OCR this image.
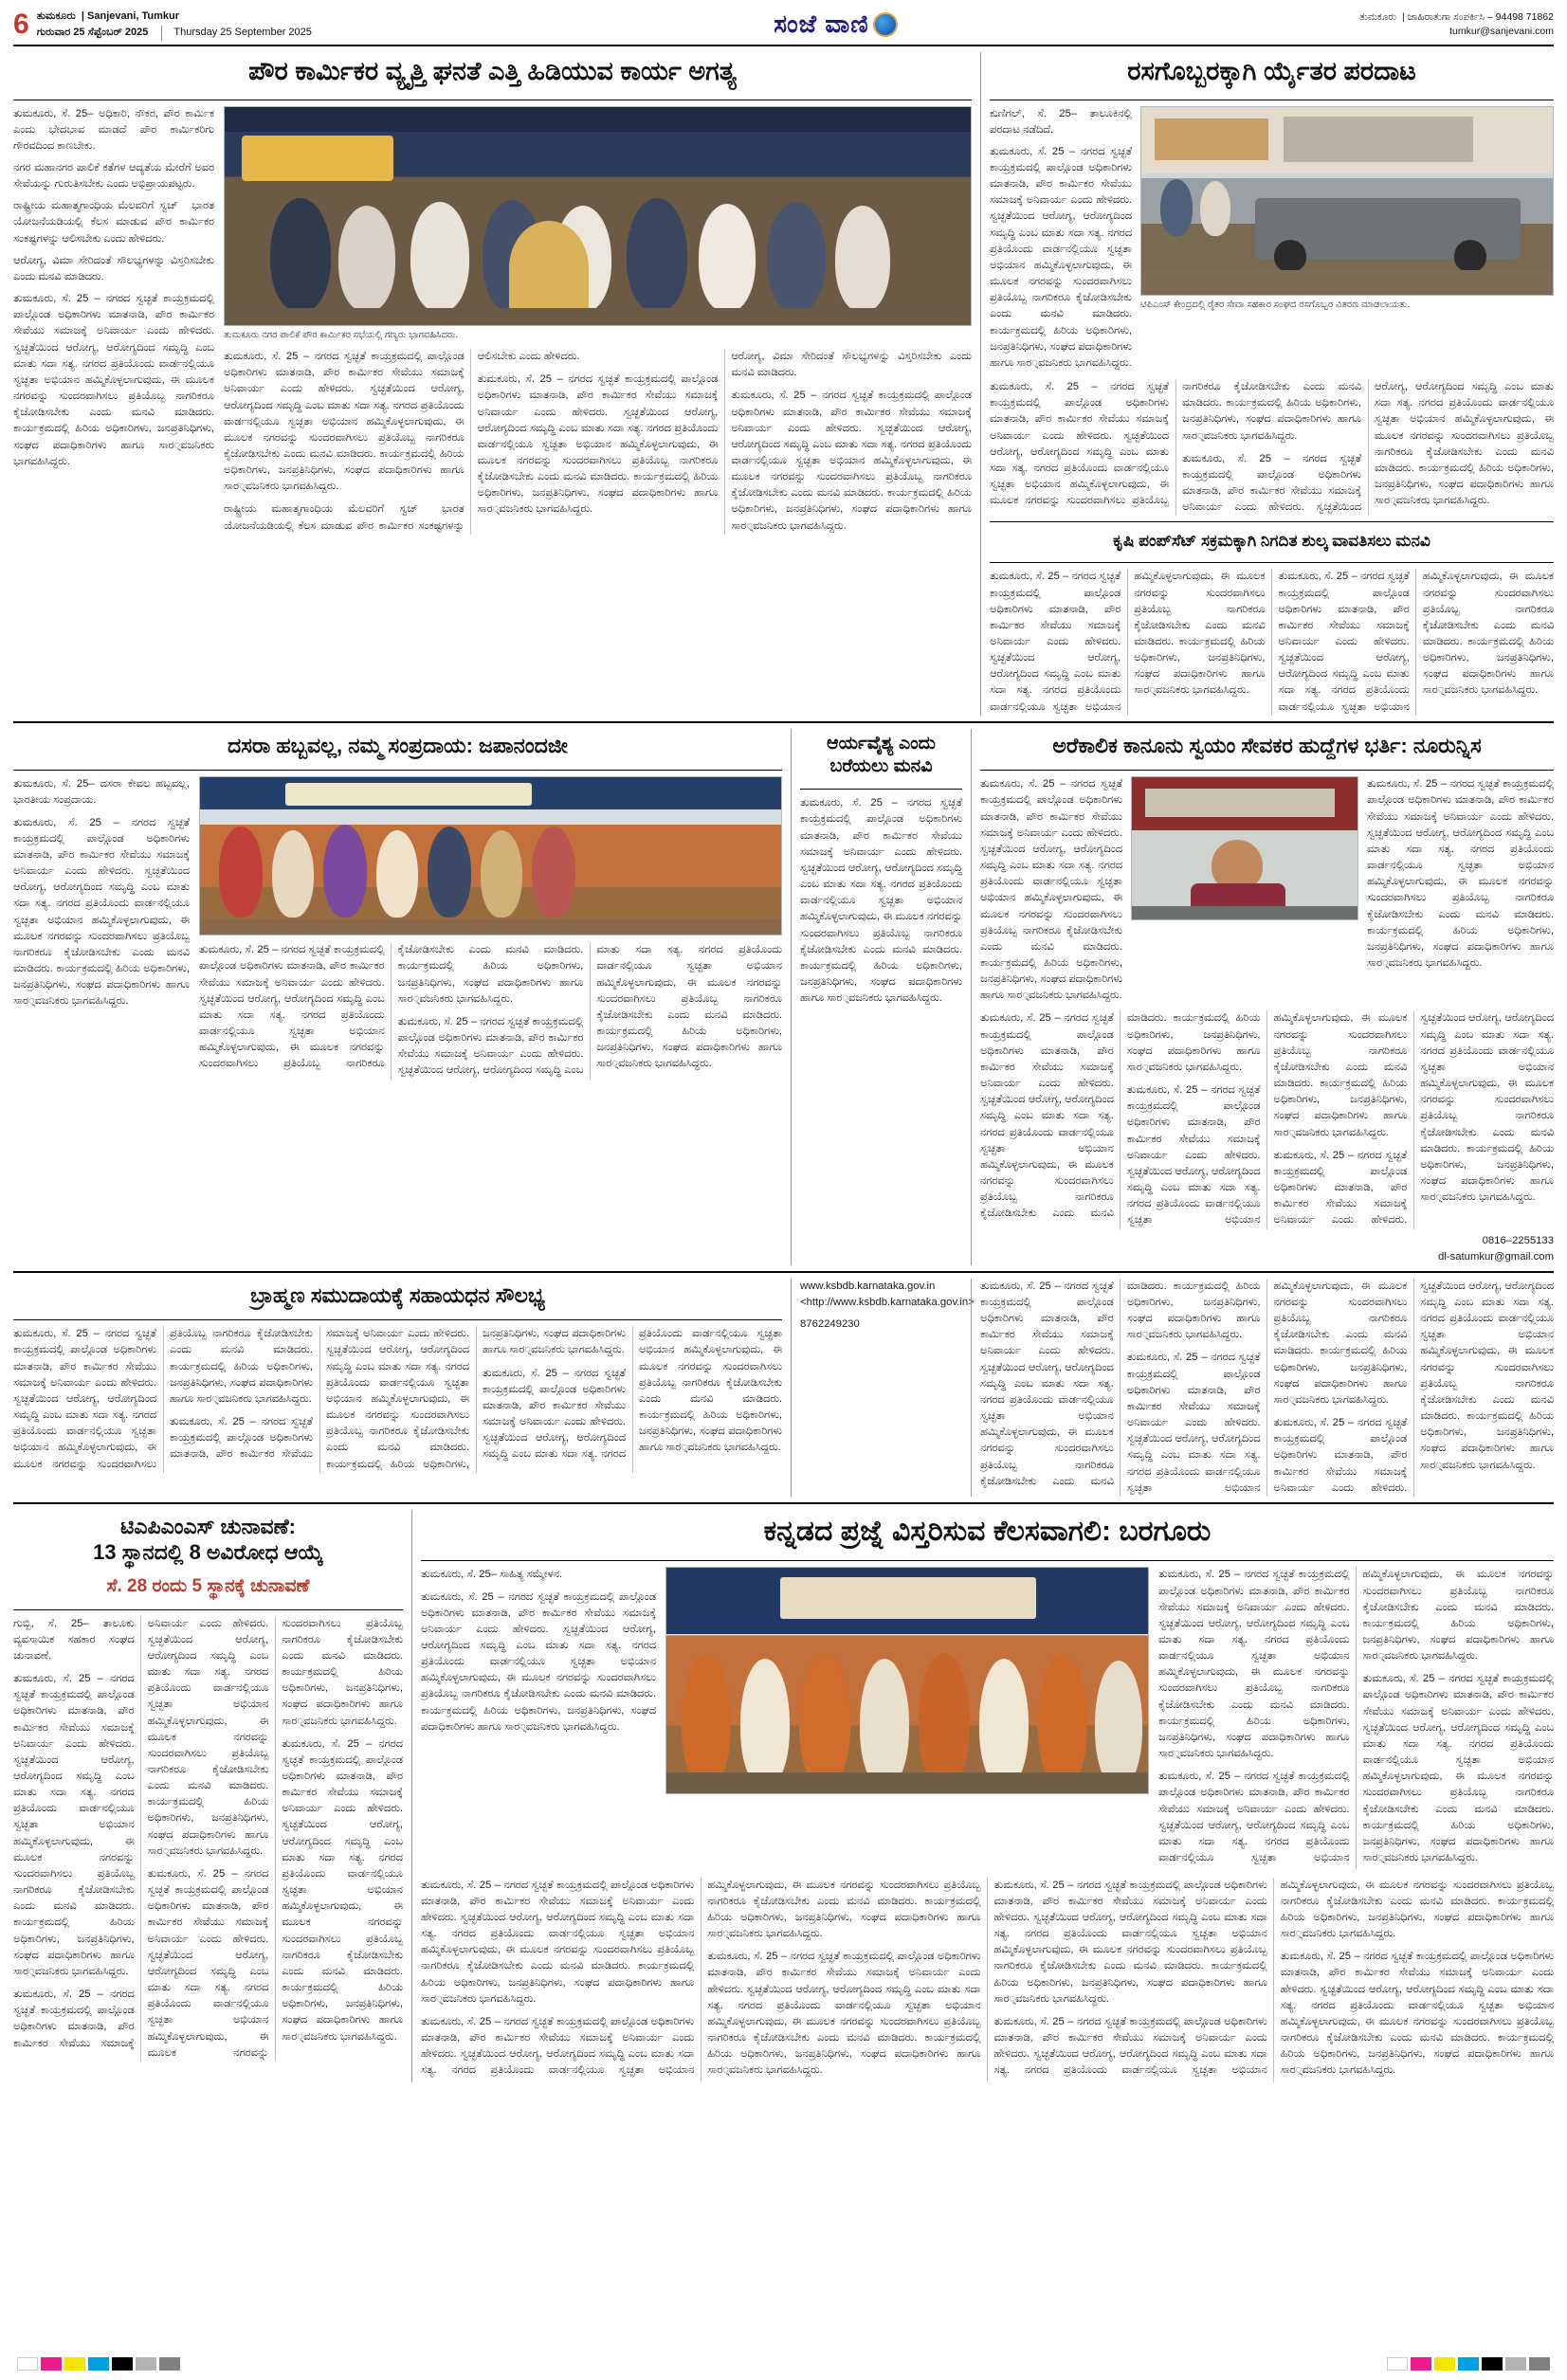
6 ತುಮಕೂರು  | Sanjevani, Tumkur
ಗುರುವಾರ 25 ಸೆಪ್ಟೆಂಬರ್ 2025	Thursday 25 September 2025	ಸಂಜೆ ವಾಣಿ	ತುಮಕೂರು  | ಜಾಹಿರಾತುಗಾ ಸಂಪರ್ಕಿಸಿ – 94498 71862
tumkur@sanjevani.com
ಪೌರ ಕಾರ್ಮಿಕರ ವ್ಯೃತ್ತಿ ಘನತೆ ಎತ್ತಿ ಹಿಡಿಯುವ ಕಾರ್ಯ ಅಗತ್ಯ
ತುಮಕೂರು, ಸೆ. 25– ಅಧಿಕಾರಿ, ನೌಕರ, ಪೌರ ಕಾರ್ಮಿಕ ಎಂದು ಭೇದಭಾವ ಮಾಡದೆ ಪೌರ ಕಾರ್ಮಿಕರಿಗು ಗೌರವದಿಂದ ಕಾಣಬೇಕು.
ನಗರ ಮಹಾನಗರ ಪಾಲಿಕೆ ಕತೆಗಳ ಆದ್ಯತೆಯ ಮೇರೆಗೆ ಅವರ ಸೇವೆಯನ್ನು ಗುರುತಿಸಬೇಕು ಎಂದು ಅಭಿಪ್ರಾಯಪಟ್ಟರು.
ರಾಷ್ಟ್ರೀಯ ಮಹಾತ್ಮಗಾಂಧಿಯ ಮೆಲವರಿಗೆ ಸ್ವಚ್ ಭಾರತ ಯೋಜನೆಯಡಿಯಲ್ಲಿ ಕೆಲಸ ಮಾಡುವ ಪೌರ ಕಾರ್ಮಿಕರ ಸಂಕಷ್ಟಗಳನ್ನು ಆಲಿಸಬೇಕು ಎಂದು ಹೇಳಿದರು.
ಆರೋಗ್ಯ, ವಿಮಾ ಸೇರಿದಂತೆ ಸೌಲಭ್ಯಗಳನ್ನು ವಿಸ್ತರಿಸಬೇಕು ಎಂದು ಮನವಿ ಮಾಡಿದರು.
ತುಮಕೂರು, ಸೆ. 25 – ನಗರದ ಸ್ವಚ್ಛತೆ ಕಾಯ್ರಕ್ರಮದಲ್ಲಿ ಪಾಲ್ಗೊಂಡ ಅಧಿಕಾರಿಗಳು ಮಾತನಾಡಿ, ಪೌರ ಕಾರ್ಮಿಕರ ಸೇವೆಯು ಸಮಾಜಕ್ಕೆ ಅನಿವಾರ್ಯ ಎಂದು ಹೇಳಿದರು. ಸ್ವಚ್ಛತೆಯಿಂದ ಆರೋಗ್ಯ, ಆರೋಗ್ಯದಿಂದ ಸಮೃದ್ಧಿ ಎಂಬ ಮಾತು ಸದಾ ಸತ್ಯ. ನಗರದ ಪ್ರತಿಯೊಂದು ವಾರ್ಡನಲ್ಲಿಯೂ ಸ್ವಚ್ಛತಾ ಅಭಿಯಾನ ಹಮ್ಮಿಕೊಳ್ಳಲಾಗುವುದು, ಈ ಮೂಲಕ ನಗರವನ್ನು ಸುಂದರವಾಗಿಸಲು ಪ್ರತಿಯೊಬ್ಬ ನಾಗರಿಕರೂ ಕೈಜೋಡಿಸಬೇಕು ಎಂದು ಮನವಿ ಮಾಡಿದರು. ಕಾರ್ಯಕ್ರಮದಲ್ಲಿ ಹಿರಿಯ ಅಧಿಕಾರಿಗಳು, ಜನಪ್ರತಿನಿಧಿಗಳು, ಸಂಘದ ಪದಾಧಿಕಾರಿಗಳು ಹಾಗೂ ಸಾರ्ವಜನಿಕರು ಭಾಗವಹಿಸಿದ್ದರು.
ತುಮಕೂರು ನಗರ ಪಾಲಿಕೆ ಪೌರ ಕಾರ್ಮಿಕರ ಸಭೆಯಲ್ಲಿ ಗಣ್ಯರು ಭಾಗವಹಿಸಿದರು.

ತುಮಕೂರು, ಸೆ. 25 – ನಗರದ ಸ್ವಚ್ಛತೆ ಕಾಯ್ರಕ್ರಮದಲ್ಲಿ ಪಾಲ್ಗೊಂಡ ಅಧಿಕಾರಿಗಳು ಮಾತನಾಡಿ, ಪೌರ ಕಾರ್ಮಿಕರ ಸೇವೆಯು ಸಮಾಜಕ್ಕೆ ಅನಿವಾರ್ಯ ಎಂದು ಹೇಳಿದರು. ಸ್ವಚ್ಛತೆಯಿಂದ ಆರೋಗ್ಯ, ಆರೋಗ್ಯದಿಂದ ಸಮೃದ್ಧಿ ಎಂಬ ಮಾತು ಸದಾ ಸತ್ಯ. ನಗರದ ಪ್ರತಿಯೊಂದು ವಾರ್ಡನಲ್ಲಿಯೂ ಸ್ವಚ್ಛತಾ ಅಭಿಯಾನ ಹಮ್ಮಿಕೊಳ್ಳಲಾಗುವುದು, ಈ ಮೂಲಕ ನಗರವನ್ನು ಸುಂದರವಾಗಿಸಲು ಪ್ರತಿಯೊಬ್ಬ ನಾಗರಿಕರೂ ಕೈಜೋಡಿಸಬೇಕು ಎಂದು ಮನವಿ ಮಾಡಿದರು. ಕಾರ್ಯಕ್ರಮದಲ್ಲಿ ಹಿರಿಯ ಅಧಿಕಾರಿಗಳು, ಜನಪ್ರತಿನಿಧಿಗಳು, ಸಂಘದ ಪದಾಧಿಕಾರಿಗಳು ಹಾಗೂ ಸಾರ्ವಜನಿಕರು ಭಾಗವಹಿಸಿದ್ದರು.

ರಾಷ್ಟ್ರೀಯ ಮಹಾತ್ಮಗಾಂಧಿಯ ಮೆಲವರಿಗೆ ಸ್ವಚ್ ಭಾರತ ಯೋಜನೆಯಡಿಯಲ್ಲಿ ಕೆಲಸ ಮಾಡುವ ಪೌರ ಕಾರ್ಮಿಕರ ಸಂಕಷ್ಟಗಳನ್ನು ಆಲಿಸಬೇಕು ಎಂದು ಹೇಳಿದರು.

ತುಮಕೂರು, ಸೆ. 25 – ನಗರದ ಸ್ವಚ್ಛತೆ ಕಾಯ್ರಕ್ರಮದಲ್ಲಿ ಪಾಲ್ಗೊಂಡ ಅಧಿಕಾರಿಗಳು ಮಾತನಾಡಿ, ಪೌರ ಕಾರ್ಮಿಕರ ಸೇವೆಯು ಸಮಾಜಕ್ಕೆ ಅನಿವಾರ್ಯ ಎಂದು ಹೇಳಿದರು. ಸ್ವಚ್ಛತೆಯಿಂದ ಆರೋಗ್ಯ, ಆರೋಗ್ಯದಿಂದ ಸಮೃದ್ಧಿ ಎಂಬ ಮಾತು ಸದಾ ಸತ್ಯ. ನಗರದ ಪ್ರತಿಯೊಂದು ವಾರ್ಡನಲ್ಲಿಯೂ ಸ್ವಚ್ಛತಾ ಅಭಿಯಾನ ಹಮ್ಮಿಕೊಳ್ಳಲಾಗುವುದು, ಈ ಮೂಲಕ ನಗರವನ್ನು ಸುಂದರವಾಗಿಸಲು ಪ್ರತಿಯೊಬ್ಬ ನಾಗರಿಕರೂ ಕೈಜೋಡಿಸಬೇಕು ಎಂದು ಮನವಿ ಮಾಡಿದರು. ಕಾರ್ಯಕ್ರಮದಲ್ಲಿ ಹಿರಿಯ ಅಧಿಕಾರಿಗಳು, ಜನಪ್ರತಿನಿಧಿಗಳು, ಸಂಘದ ಪದಾಧಿಕಾರಿಗಳು ಹಾಗೂ ಸಾರ्ವಜನಿಕರು ಭಾಗವಹಿಸಿದ್ದರು.

ಆರೋಗ್ಯ, ವಿಮಾ ಸೇರಿದಂತೆ ಸೌಲಭ್ಯಗಳನ್ನು ವಿಸ್ತರಿಸಬೇಕು ಎಂದು ಮನವಿ ಮಾಡಿದರು.

ತುಮಕೂರು, ಸೆ. 25 – ನಗರದ ಸ್ವಚ್ಛತೆ ಕಾಯ್ರಕ್ರಮದಲ್ಲಿ ಪಾಲ್ಗೊಂಡ ಅಧಿಕಾರಿಗಳು ಮಾತನಾಡಿ, ಪೌರ ಕಾರ್ಮಿಕರ ಸೇವೆಯು ಸಮಾಜಕ್ಕೆ ಅನಿವಾರ್ಯ ಎಂದು ಹೇಳಿದರು. ಸ್ವಚ್ಛತೆಯಿಂದ ಆರೋಗ್ಯ, ಆರೋಗ್ಯದಿಂದ ಸಮೃದ್ಧಿ ಎಂಬ ಮಾತು ಸದಾ ಸತ್ಯ. ನಗರದ ಪ್ರತಿಯೊಂದು ವಾರ್ಡನಲ್ಲಿಯೂ ಸ್ವಚ್ಛತಾ ಅಭಿಯಾನ ಹಮ್ಮಿಕೊಳ್ಳಲಾಗುವುದು, ಈ ಮೂಲಕ ನಗರವನ್ನು ಸುಂದರವಾಗಿಸಲು ಪ್ರತಿಯೊಬ್ಬ ನಾಗರಿಕರೂ ಕೈಜೋಡಿಸಬೇಕು ಎಂದು ಮನವಿ ಮಾಡಿದರು. ಕಾರ್ಯಕ್ರಮದಲ್ಲಿ ಹಿರಿಯ ಅಧಿಕಾರಿಗಳು, ಜನಪ್ರತಿನಿಧಿಗಳು, ಸಂಘದ ಪದಾಧಿಕಾರಿಗಳು ಹಾಗೂ ಸಾರ्ವಜನಿಕರು ಭಾಗವಹಿಸಿದ್ದರು.

ರಸಗೊಬ್ಬರಕ್ಕಾಗಿ ರ್ಯೈತರ ಪರದಾಟ
ಕುಣಿಗಲ್, ಸೆ. 25– ತಾಲೂಕಿನಲ್ಲಿ ಪರದಾಟ ನಡೆದಿದೆ.
ತುಮಕೂರು, ಸೆ. 25 – ನಗರದ ಸ್ವಚ್ಛತೆ ಕಾಯ್ರಕ್ರಮದಲ್ಲಿ ಪಾಲ್ಗೊಂಡ ಅಧಿಕಾರಿಗಳು ಮಾತನಾಡಿ, ಪೌರ ಕಾರ್ಮಿಕರ ಸೇವೆಯು ಸಮಾಜಕ್ಕೆ ಅನಿವಾರ್ಯ ಎಂದು ಹೇಳಿದರು. ಸ್ವಚ್ಛತೆಯಿಂದ ಆರೋಗ್ಯ, ಆರೋಗ್ಯದಿಂದ ಸಮೃದ್ಧಿ ಎಂಬ ಮಾತು ಸದಾ ಸತ್ಯ. ನಗರದ ಪ್ರತಿಯೊಂದು ವಾರ್ಡನಲ್ಲಿಯೂ ಸ್ವಚ್ಛತಾ ಅಭಿಯಾನ ಹಮ್ಮಿಕೊಳ್ಳಲಾಗುವುದು, ಈ ಮೂಲಕ ನಗರವನ್ನು ಸುಂದರವಾಗಿಸಲು ಪ್ರತಿಯೊಬ್ಬ ನಾಗರಿಕರೂ ಕೈಜೋಡಿಸಬೇಕು ಎಂದು ಮನವಿ ಮಾಡಿದರು. ಕಾರ್ಯಕ್ರಮದಲ್ಲಿ ಹಿರಿಯ ಅಧಿಕಾರಿಗಳು, ಜನಪ್ರತಿನಿಧಿಗಳು, ಸಂಘದ ಪದಾಧಿಕಾರಿಗಳು ಹಾಗೂ ಸಾರ्ವಜನಿಕರು ಭಾಗವಹಿಸಿದ್ದರು.
ಟಿಪಿಎಂಸ್ ಕೇಂದ್ರದಲ್ಲಿ ರೈತರ ಸೇವಾ ಸಹಕಾರ ಸಂಘದ ರಸಗೊಬ್ಬರ ವಿತರಣ ಮಾಡಲಾಯತು.

ತುಮಕೂರು, ಸೆ. 25 – ನಗರದ ಸ್ವಚ್ಛತೆ ಕಾಯ್ರಕ್ರಮದಲ್ಲಿ ಪಾಲ್ಗೊಂಡ ಅಧಿಕಾರಿಗಳು ಮಾತನಾಡಿ, ಪೌರ ಕಾರ್ಮಿಕರ ಸೇವೆಯು ಸಮಾಜಕ್ಕೆ ಅನಿವಾರ್ಯ ಎಂದು ಹೇಳಿದರು. ಸ್ವಚ್ಛತೆಯಿಂದ ಆರೋಗ್ಯ, ಆರೋಗ್ಯದಿಂದ ಸಮೃದ್ಧಿ ಎಂಬ ಮಾತು ಸದಾ ಸತ್ಯ. ನಗರದ ಪ್ರತಿಯೊಂದು ವಾರ್ಡನಲ್ಲಿಯೂ ಸ್ವಚ್ಛತಾ ಅಭಿಯಾನ ಹಮ್ಮಿಕೊಳ್ಳಲಾಗುವುದು, ಈ ಮೂಲಕ ನಗರವನ್ನು ಸುಂದರವಾಗಿಸಲು ಪ್ರತಿಯೊಬ್ಬ ನಾಗರಿಕರೂ ಕೈಜೋಡಿಸಬೇಕು ಎಂದು ಮನವಿ ಮಾಡಿದರು. ಕಾರ್ಯಕ್ರಮದಲ್ಲಿ ಹಿರಿಯ ಅಧಿಕಾರಿಗಳು, ಜನಪ್ರತಿನಿಧಿಗಳು, ಸಂಘದ ಪದಾಧಿಕಾರಿಗಳು ಹಾಗೂ ಸಾರ्ವಜನಿಕರು ಭಾಗವಹಿಸಿದ್ದರು.

ತುಮಕೂರು, ಸೆ. 25 – ನಗರದ ಸ್ವಚ್ಛತೆ ಕಾಯ್ರಕ್ರಮದಲ್ಲಿ ಪಾಲ್ಗೊಂಡ ಅಧಿಕಾರಿಗಳು ಮಾತನಾಡಿ, ಪೌರ ಕಾರ್ಮಿಕರ ಸೇವೆಯು ಸಮಾಜಕ್ಕೆ ಅನಿವಾರ್ಯ ಎಂದು ಹೇಳಿದರು. ಸ್ವಚ್ಛತೆಯಿಂದ ಆರೋಗ್ಯ, ಆರೋಗ್ಯದಿಂದ ಸಮೃದ್ಧಿ ಎಂಬ ಮಾತು ಸದಾ ಸತ್ಯ. ನಗರದ ಪ್ರತಿಯೊಂದು ವಾರ್ಡನಲ್ಲಿಯೂ ಸ್ವಚ್ಛತಾ ಅಭಿಯಾನ ಹಮ್ಮಿಕೊಳ್ಳಲಾಗುವುದು, ಈ ಮೂಲಕ ನಗರವನ್ನು ಸುಂದರವಾಗಿಸಲು ಪ್ರತಿಯೊಬ್ಬ ನಾಗರಿಕರೂ ಕೈಜೋಡಿಸಬೇಕು ಎಂದು ಮನವಿ ಮಾಡಿದರು. ಕಾರ್ಯಕ್ರಮದಲ್ಲಿ ಹಿರಿಯ ಅಧಿಕಾರಿಗಳು, ಜನಪ್ರತಿನಿಧಿಗಳು, ಸಂಘದ ಪದಾಧಿಕಾರಿಗಳು ಹಾಗೂ ಸಾರ्ವಜನಿಕರು ಭಾಗವಹಿಸಿದ್ದರು.

ಕೃಷಿ ಪಂಪ್‌ಸೆಟ್ ಸಕ್ರಮಕ್ಕಾಗಿ ನಿಗದಿತ ಶುಲ್ಕ ವಾವತಿಸಲು ಮನವಿ

ತುಮಕೂರು, ಸೆ. 25 – ನಗರದ ಸ್ವಚ್ಛತೆ ಕಾಯ್ರಕ್ರಮದಲ್ಲಿ ಪಾಲ್ಗೊಂಡ ಅಧಿಕಾರಿಗಳು ಮಾತನಾಡಿ, ಪೌರ ಕಾರ್ಮಿಕರ ಸೇವೆಯು ಸಮಾಜಕ್ಕೆ ಅನಿವಾರ್ಯ ಎಂದು ಹೇಳಿದರು. ಸ್ವಚ್ಛತೆಯಿಂದ ಆರೋಗ್ಯ, ಆರೋಗ್ಯದಿಂದ ಸಮೃದ್ಧಿ ಎಂಬ ಮಾತು ಸದಾ ಸತ್ಯ. ನಗರದ ಪ್ರತಿಯೊಂದು ವಾರ್ಡನಲ್ಲಿಯೂ ಸ್ವಚ್ಛತಾ ಅಭಿಯಾನ ಹಮ್ಮಿಕೊಳ್ಳಲಾಗುವುದು, ಈ ಮೂಲಕ ನಗರವನ್ನು ಸುಂದರವಾಗಿಸಲು ಪ್ರತಿಯೊಬ್ಬ ನಾಗರಿಕರೂ ಕೈಜೋಡಿಸಬೇಕು ಎಂದು ಮನವಿ ಮಾಡಿದರು. ಕಾರ್ಯಕ್ರಮದಲ್ಲಿ ಹಿರಿಯ ಅಧಿಕಾರಿಗಳು, ಜನಪ್ರತಿನಿಧಿಗಳು, ಸಂಘದ ಪದಾಧಿಕಾರಿಗಳು ಹಾಗೂ ಸಾರ्ವಜನಿಕರು ಭಾಗವಹಿಸಿದ್ದರು.

ತುಮಕೂರು, ಸೆ. 25 – ನಗರದ ಸ್ವಚ್ಛತೆ ಕಾಯ್ರಕ್ರಮದಲ್ಲಿ ಪಾಲ್ಗೊಂಡ ಅಧಿಕಾರಿಗಳು ಮಾತನಾಡಿ, ಪೌರ ಕಾರ್ಮಿಕರ ಸೇವೆಯು ಸಮಾಜಕ್ಕೆ ಅನಿವಾರ್ಯ ಎಂದು ಹೇಳಿದರು. ಸ್ವಚ್ಛತೆಯಿಂದ ಆರೋಗ್ಯ, ಆರೋಗ್ಯದಿಂದ ಸಮೃದ್ಧಿ ಎಂಬ ಮಾತು ಸದಾ ಸತ್ಯ. ನಗರದ ಪ್ರತಿಯೊಂದು ವಾರ್ಡನಲ್ಲಿಯೂ ಸ್ವಚ್ಛತಾ ಅಭಿಯಾನ ಹಮ್ಮಿಕೊಳ್ಳಲಾಗುವುದು, ಈ ಮೂಲಕ ನಗರವನ್ನು ಸುಂದರವಾಗಿಸಲು ಪ್ರತಿಯೊಬ್ಬ ನಾಗರಿಕರೂ ಕೈಜೋಡಿಸಬೇಕು ಎಂದು ಮನವಿ ಮಾಡಿದರು. ಕಾರ್ಯಕ್ರಮದಲ್ಲಿ ಹಿರಿಯ ಅಧಿಕಾರಿಗಳು, ಜನಪ್ರತಿನಿಧಿಗಳು, ಸಂಘದ ಪದಾಧಿಕಾರಿಗಳು ಹಾಗೂ ಸಾರ्ವಜನಿಕರು ಭಾಗವಹಿಸಿದ್ದರು.

ದಸರಾ ಹಬ್ಬವಲ್ಲ, ನಮ್ಮ ಸಂಪ್ರದಾಯ: ಜಪಾನಂದಜೀ
ತುಮಕೂರು, ಸೆ. 25– ದಸರಾ ಕೇವಲ ಹಬ್ಬವಲ್ಲ, ಭಾರತೀಯ ಸಂಪ್ರದಾಯ.
ತುಮಕೂರು, ಸೆ. 25 – ನಗರದ ಸ್ವಚ್ಛತೆ ಕಾಯ್ರಕ್ರಮದಲ್ಲಿ ಪಾಲ್ಗೊಂಡ ಅಧಿಕಾರಿಗಳು ಮಾತನಾಡಿ, ಪೌರ ಕಾರ್ಮಿಕರ ಸೇವೆಯು ಸಮಾಜಕ್ಕೆ ಅನಿವಾರ್ಯ ಎಂದು ಹೇಳಿದರು. ಸ್ವಚ್ಛತೆಯಿಂದ ಆರೋಗ್ಯ, ಆರೋಗ್ಯದಿಂದ ಸಮೃದ್ಧಿ ಎಂಬ ಮಾತು ಸದಾ ಸತ್ಯ. ನಗರದ ಪ್ರತಿಯೊಂದು ವಾರ್ಡನಲ್ಲಿಯೂ ಸ್ವಚ್ಛತಾ ಅಭಿಯಾನ ಹಮ್ಮಿಕೊಳ್ಳಲಾಗುವುದು, ಈ ಮೂಲಕ ನಗರವನ್ನು ಸುಂದರವಾಗಿಸಲು ಪ್ರತಿಯೊಬ್ಬ ನಾಗರಿಕರೂ ಕೈಜೋಡಿಸಬೇಕು ಎಂದು ಮನವಿ ಮಾಡಿದರು. ಕಾರ್ಯಕ್ರಮದಲ್ಲಿ ಹಿರಿಯ ಅಧಿಕಾರಿಗಳು, ಜನಪ್ರತಿನಿಧಿಗಳು, ಸಂಘದ ಪದಾಧಿಕಾರಿಗಳು ಹಾಗೂ ಸಾರ्ವಜನಿಕರು ಭಾಗವಹಿಸಿದ್ದರು.

ತುಮಕೂರು, ಸೆ. 25 – ನಗರದ ಸ್ವಚ್ಛತೆ ಕಾಯ್ರಕ್ರಮದಲ್ಲಿ ಪಾಲ್ಗೊಂಡ ಅಧಿಕಾರಿಗಳು ಮಾತನಾಡಿ, ಪೌರ ಕಾರ್ಮಿಕರ ಸೇವೆಯು ಸಮಾಜಕ್ಕೆ ಅನಿವಾರ್ಯ ಎಂದು ಹೇಳಿದರು. ಸ್ವಚ್ಛತೆಯಿಂದ ಆರೋಗ್ಯ, ಆರೋಗ್ಯದಿಂದ ಸಮೃದ್ಧಿ ಎಂಬ ಮಾತು ಸದಾ ಸತ್ಯ. ನಗರದ ಪ್ರತಿಯೊಂದು ವಾರ್ಡನಲ್ಲಿಯೂ ಸ್ವಚ್ಛತಾ ಅಭಿಯಾನ ಹಮ್ಮಿಕೊಳ್ಳಲಾಗುವುದು, ಈ ಮೂಲಕ ನಗರವನ್ನು ಸುಂದರವಾಗಿಸಲು ಪ್ರತಿಯೊಬ್ಬ ನಾಗರಿಕರೂ ಕೈಜೋಡಿಸಬೇಕು ಎಂದು ಮನವಿ ಮಾಡಿದರು. ಕಾರ್ಯಕ್ರಮದಲ್ಲಿ ಹಿರಿಯ ಅಧಿಕಾರಿಗಳು, ಜನಪ್ರತಿನಿಧಿಗಳು, ಸಂಘದ ಪದಾಧಿಕಾರಿಗಳು ಹಾಗೂ ಸಾರ्ವಜನಿಕರು ಭಾಗವಹಿಸಿದ್ದರು.

ತುಮಕೂರು, ಸೆ. 25 – ನಗರದ ಸ್ವಚ್ಛತೆ ಕಾಯ್ರಕ್ರಮದಲ್ಲಿ ಪಾಲ್ಗೊಂಡ ಅಧಿಕಾರಿಗಳು ಮಾತನಾಡಿ, ಪೌರ ಕಾರ್ಮಿಕರ ಸೇವೆಯು ಸಮಾಜಕ್ಕೆ ಅನಿವಾರ್ಯ ಎಂದು ಹೇಳಿದರು. ಸ್ವಚ್ಛತೆಯಿಂದ ಆರೋಗ್ಯ, ಆರೋಗ್ಯದಿಂದ ಸಮೃದ್ಧಿ ಎಂಬ ಮಾತು ಸದಾ ಸತ್ಯ. ನಗರದ ಪ್ರತಿಯೊಂದು ವಾರ್ಡನಲ್ಲಿಯೂ ಸ್ವಚ್ಛತಾ ಅಭಿಯಾನ ಹಮ್ಮಿಕೊಳ್ಳಲಾಗುವುದು, ಈ ಮೂಲಕ ನಗರವನ್ನು ಸುಂದರವಾಗಿಸಲು ಪ್ರತಿಯೊಬ್ಬ ನಾಗರಿಕರೂ ಕೈಜೋಡಿಸಬೇಕು ಎಂದು ಮನವಿ ಮಾಡಿದರು. ಕಾರ್ಯಕ್ರಮದಲ್ಲಿ ಹಿರಿಯ ಅಧಿಕಾರಿಗಳು, ಜನಪ್ರತಿನಿಧಿಗಳು, ಸಂಘದ ಪದಾಧಿಕಾರಿಗಳು ಹಾಗೂ ಸಾರ्ವಜನಿಕರು ಭಾಗವಹಿಸಿದ್ದರು.

ಆರ್ಯವೈಶ್ಯ ಎಂದು ಬರೆಯಲು ಮನವಿ
ತುಮಕೂರು, ಸೆ. 25 – ನಗರದ ಸ್ವಚ್ಛತೆ ಕಾಯ್ರಕ್ರಮದಲ್ಲಿ ಪಾಲ್ಗೊಂಡ ಅಧಿಕಾರಿಗಳು ಮಾತನಾಡಿ, ಪೌರ ಕಾರ್ಮಿಕರ ಸೇವೆಯು ಸಮಾಜಕ್ಕೆ ಅನಿವಾರ್ಯ ಎಂದು ಹೇಳಿದರು. ಸ್ವಚ್ಛತೆಯಿಂದ ಆರೋಗ್ಯ, ಆರೋಗ್ಯದಿಂದ ಸಮೃದ್ಧಿ ಎಂಬ ಮಾತು ಸದಾ ಸತ್ಯ. ನಗರದ ಪ್ರತಿಯೊಂದು ವಾರ್ಡನಲ್ಲಿಯೂ ಸ್ವಚ್ಛತಾ ಅಭಿಯಾನ ಹಮ್ಮಿಕೊಳ್ಳಲಾಗುವುದು, ಈ ಮೂಲಕ ನಗರವನ್ನು ಸುಂದರವಾಗಿಸಲು ಪ್ರತಿಯೊಬ್ಬ ನಾಗರಿಕರೂ ಕೈಜೋಡಿಸಬೇಕು ಎಂದು ಮನವಿ ಮಾಡಿದರು. ಕಾರ್ಯಕ್ರಮದಲ್ಲಿ ಹಿರಿಯ ಅಧಿಕಾರಿಗಳು, ಜನಪ್ರತಿನಿಧಿಗಳು, ಸಂಘದ ಪದಾಧಿಕಾರಿಗಳು ಹಾಗೂ ಸಾರ्ವಜನಿಕರು ಭಾಗವಹಿಸಿದ್ದರು.
ಅರೆಕಾಲಿಕ ಕಾನೂನು ಸ್ವಯಂ ಸೇವಕರ ಹುದ್ದೆಗಳ ಭರ್ತಿ: ನೂರುನ್ನಿಸ
ತುಮಕೂರು, ಸೆ. 25 – ನಗರದ ಸ್ವಚ್ಛತೆ ಕಾಯ್ರಕ್ರಮದಲ್ಲಿ ಪಾಲ್ಗೊಂಡ ಅಧಿಕಾರಿಗಳು ಮಾತನಾಡಿ, ಪೌರ ಕಾರ್ಮಿಕರ ಸೇವೆಯು ಸಮಾಜಕ್ಕೆ ಅನಿವಾರ್ಯ ಎಂದು ಹೇಳಿದರು. ಸ್ವಚ್ಛತೆಯಿಂದ ಆರೋಗ್ಯ, ಆರೋಗ್ಯದಿಂದ ಸಮೃದ್ಧಿ ಎಂಬ ಮಾತು ಸದಾ ಸತ್ಯ. ನಗರದ ಪ್ರತಿಯೊಂದು ವಾರ್ಡನಲ್ಲಿಯೂ ಸ್ವಚ್ಛತಾ ಅಭಿಯಾನ ಹಮ್ಮಿಕೊಳ್ಳಲಾಗುವುದು, ಈ ಮೂಲಕ ನಗರವನ್ನು ಸುಂದರವಾಗಿಸಲು ಪ್ರತಿಯೊಬ್ಬ ನಾಗರಿಕರೂ ಕೈಜೋಡಿಸಬೇಕು ಎಂದು ಮನವಿ ಮಾಡಿದರು. ಕಾರ್ಯಕ್ರಮದಲ್ಲಿ ಹಿರಿಯ ಅಧಿಕಾರಿಗಳು, ಜನಪ್ರತಿನಿಧಿಗಳು, ಸಂಘದ ಪದಾಧಿಕಾರಿಗಳು ಹಾಗೂ ಸಾರ्ವಜನಿಕರು ಭಾಗವಹಿಸಿದ್ದರು.
ತುಮಕೂರು, ಸೆ. 25 – ನಗರದ ಸ್ವಚ್ಛತೆ ಕಾಯ್ರಕ್ರಮದಲ್ಲಿ ಪಾಲ್ಗೊಂಡ ಅಧಿಕಾರಿಗಳು ಮಾತನಾಡಿ, ಪೌರ ಕಾರ್ಮಿಕರ ಸೇವೆಯು ಸಮಾಜಕ್ಕೆ ಅನಿವಾರ್ಯ ಎಂದು ಹೇಳಿದರು. ಸ್ವಚ್ಛತೆಯಿಂದ ಆರೋಗ್ಯ, ಆರೋಗ್ಯದಿಂದ ಸಮೃದ್ಧಿ ಎಂಬ ಮಾತು ಸದಾ ಸತ್ಯ. ನಗರದ ಪ್ರತಿಯೊಂದು ವಾರ್ಡನಲ್ಲಿಯೂ ಸ್ವಚ್ಛತಾ ಅಭಿಯಾನ ಹಮ್ಮಿಕೊಳ್ಳಲಾಗುವುದು, ಈ ಮೂಲಕ ನಗರವನ್ನು ಸುಂದರವಾಗಿಸಲು ಪ್ರತಿಯೊಬ್ಬ ನಾಗರಿಕರೂ ಕೈಜೋಡಿಸಬೇಕು ಎಂದು ಮನವಿ ಮಾಡಿದರು. ಕಾರ್ಯಕ್ರಮದಲ್ಲಿ ಹಿರಿಯ ಅಧಿಕಾರಿಗಳು, ಜನಪ್ರತಿನಿಧಿಗಳು, ಸಂಘದ ಪದಾಧಿಕಾರಿಗಳು ಹಾಗೂ ಸಾರ्ವಜನಿಕರು ಭಾಗವಹಿಸಿದ್ದರು.

ತುಮಕೂರು, ಸೆ. 25 – ನಗರದ ಸ್ವಚ್ಛತೆ ಕಾಯ್ರಕ್ರಮದಲ್ಲಿ ಪಾಲ್ಗೊಂಡ ಅಧಿಕಾರಿಗಳು ಮಾತನಾಡಿ, ಪೌರ ಕಾರ್ಮಿಕರ ಸೇವೆಯು ಸಮಾಜಕ್ಕೆ ಅನಿವಾರ್ಯ ಎಂದು ಹೇಳಿದರು. ಸ್ವಚ್ಛತೆಯಿಂದ ಆರೋಗ್ಯ, ಆರೋಗ್ಯದಿಂದ ಸಮೃದ್ಧಿ ಎಂಬ ಮಾತು ಸದಾ ಸತ್ಯ. ನಗರದ ಪ್ರತಿಯೊಂದು ವಾರ್ಡನಲ್ಲಿಯೂ ಸ್ವಚ್ಛತಾ ಅಭಿಯಾನ ಹಮ್ಮಿಕೊಳ್ಳಲಾಗುವುದು, ಈ ಮೂಲಕ ನಗರವನ್ನು ಸುಂದರವಾಗಿಸಲು ಪ್ರತಿಯೊಬ್ಬ ನಾಗರಿಕರೂ ಕೈಜೋಡಿಸಬೇಕು ಎಂದು ಮನವಿ ಮಾಡಿದರು. ಕಾರ್ಯಕ್ರಮದಲ್ಲಿ ಹಿರಿಯ ಅಧಿಕಾರಿಗಳು, ಜನಪ್ರತಿನಿಧಿಗಳು, ಸಂಘದ ಪದಾಧಿಕಾರಿಗಳು ಹಾಗೂ ಸಾರ्ವಜನಿಕರು ಭಾಗವಹಿಸಿದ್ದರು.

ತುಮಕೂರು, ಸೆ. 25 – ನಗರದ ಸ್ವಚ್ಛತೆ ಕಾಯ್ರಕ್ರಮದಲ್ಲಿ ಪಾಲ್ಗೊಂಡ ಅಧಿಕಾರಿಗಳು ಮಾತನಾಡಿ, ಪೌರ ಕಾರ್ಮಿಕರ ಸೇವೆಯು ಸಮಾಜಕ್ಕೆ ಅನಿವಾರ್ಯ ಎಂದು ಹೇಳಿದರು. ಸ್ವಚ್ಛತೆಯಿಂದ ಆರೋಗ್ಯ, ಆರೋಗ್ಯದಿಂದ ಸಮೃದ್ಧಿ ಎಂಬ ಮಾತು ಸದಾ ಸತ್ಯ. ನಗರದ ಪ್ರತಿಯೊಂದು ವಾರ್ಡನಲ್ಲಿಯೂ ಸ್ವಚ್ಛತಾ ಅಭಿಯಾನ ಹಮ್ಮಿಕೊಳ್ಳಲಾಗುವುದು, ಈ ಮೂಲಕ ನಗರವನ್ನು ಸುಂದರವಾಗಿಸಲು ಪ್ರತಿಯೊಬ್ಬ ನಾಗರಿಕರೂ ಕೈಜೋಡಿಸಬೇಕು ಎಂದು ಮನವಿ ಮಾಡಿದರು. ಕಾರ್ಯಕ್ರಮದಲ್ಲಿ ಹಿರಿಯ ಅಧಿಕಾರಿಗಳು, ಜನಪ್ರತಿನಿಧಿಗಳು, ಸಂಘದ ಪದಾಧಿಕಾರಿಗಳು ಹಾಗೂ ಸಾರ्ವಜನಿಕರು ಭಾಗವಹಿಸಿದ್ದರು.

ತುಮಕೂರು, ಸೆ. 25 – ನಗರದ ಸ್ವಚ್ಛತೆ ಕಾಯ್ರಕ್ರಮದಲ್ಲಿ ಪಾಲ್ಗೊಂಡ ಅಧಿಕಾರಿಗಳು ಮಾತನಾಡಿ, ಪೌರ ಕಾರ್ಮಿಕರ ಸೇವೆಯು ಸಮಾಜಕ್ಕೆ ಅನಿವಾರ್ಯ ಎಂದು ಹೇಳಿದರು. ಸ್ವಚ್ಛತೆಯಿಂದ ಆರೋಗ್ಯ, ಆರೋಗ್ಯದಿಂದ ಸಮೃದ್ಧಿ ಎಂಬ ಮಾತು ಸದಾ ಸತ್ಯ. ನಗರದ ಪ್ರತಿಯೊಂದು ವಾರ್ಡನಲ್ಲಿಯೂ ಸ್ವಚ್ಛತಾ ಅಭಿಯಾನ ಹಮ್ಮಿಕೊಳ್ಳಲಾಗುವುದು, ಈ ಮೂಲಕ ನಗರವನ್ನು ಸುಂದರವಾಗಿಸಲು ಪ್ರತಿಯೊಬ್ಬ ನಾಗರಿಕರೂ ಕೈಜೋಡಿಸಬೇಕು ಎಂದು ಮನವಿ ಮಾಡಿದರು. ಕಾರ್ಯಕ್ರಮದಲ್ಲಿ ಹಿರಿಯ ಅಧಿಕಾರಿಗಳು, ಜನಪ್ರತಿನಿಧಿಗಳು, ಸಂಘದ ಪದಾಧಿಕಾರಿಗಳು ಹಾಗೂ ಸಾರ्ವಜನಿಕರು ಭಾಗವಹಿಸಿದ್ದರು.

0816–2255133
dl-satumkur@gmail.com
ಬ್ರಾಹ್ಮಣ ಸಮುದಾಯಕ್ಕೆ ಸಹಾಯಧನ ಸೌಲಭ್ಯ

ತುಮಕೂರು, ಸೆ. 25 – ನಗರದ ಸ್ವಚ್ಛತೆ ಕಾಯ್ರಕ್ರಮದಲ್ಲಿ ಪಾಲ್ಗೊಂಡ ಅಧಿಕಾರಿಗಳು ಮಾತನಾಡಿ, ಪೌರ ಕಾರ್ಮಿಕರ ಸೇವೆಯು ಸಮಾಜಕ್ಕೆ ಅನಿವಾರ್ಯ ಎಂದು ಹೇಳಿದರು. ಸ್ವಚ್ಛತೆಯಿಂದ ಆರೋಗ್ಯ, ಆರೋಗ್ಯದಿಂದ ಸಮೃದ್ಧಿ ಎಂಬ ಮಾತು ಸದಾ ಸತ್ಯ. ನಗರದ ಪ್ರತಿಯೊಂದು ವಾರ್ಡನಲ್ಲಿಯೂ ಸ್ವಚ್ಛತಾ ಅಭಿಯಾನ ಹಮ್ಮಿಕೊಳ್ಳಲಾಗುವುದು, ಈ ಮೂಲಕ ನಗರವನ್ನು ಸುಂದರವಾಗಿಸಲು ಪ್ರತಿಯೊಬ್ಬ ನಾಗರಿಕರೂ ಕೈಜೋಡಿಸಬೇಕು ಎಂದು ಮನವಿ ಮಾಡಿದರು. ಕಾರ್ಯಕ್ರಮದಲ್ಲಿ ಹಿರಿಯ ಅಧಿಕಾರಿಗಳು, ಜನಪ್ರತಿನಿಧಿಗಳು, ಸಂಘದ ಪದಾಧಿಕಾರಿಗಳು ಹಾಗೂ ಸಾರ्ವಜನಿಕರು ಭಾಗವಹಿಸಿದ್ದರು.

ತುಮಕೂರು, ಸೆ. 25 – ನಗರದ ಸ್ವಚ್ಛತೆ ಕಾಯ್ರಕ್ರಮದಲ್ಲಿ ಪಾಲ್ಗೊಂಡ ಅಧಿಕಾರಿಗಳು ಮಾತನಾಡಿ, ಪೌರ ಕಾರ್ಮಿಕರ ಸೇವೆಯು ಸಮಾಜಕ್ಕೆ ಅನಿವಾರ್ಯ ಎಂದು ಹೇಳಿದರು. ಸ್ವಚ್ಛತೆಯಿಂದ ಆರೋಗ್ಯ, ಆರೋಗ್ಯದಿಂದ ಸಮೃದ್ಧಿ ಎಂಬ ಮಾತು ಸದಾ ಸತ್ಯ. ನಗರದ ಪ್ರತಿಯೊಂದು ವಾರ್ಡನಲ್ಲಿಯೂ ಸ್ವಚ್ಛತಾ ಅಭಿಯಾನ ಹಮ್ಮಿಕೊಳ್ಳಲಾಗುವುದು, ಈ ಮೂಲಕ ನಗರವನ್ನು ಸುಂದರವಾಗಿಸಲು ಪ್ರತಿಯೊಬ್ಬ ನಾಗರಿಕರೂ ಕೈಜೋಡಿಸಬೇಕು ಎಂದು ಮನವಿ ಮಾಡಿದರು. ಕಾರ್ಯಕ್ರಮದಲ್ಲಿ ಹಿರಿಯ ಅಧಿಕಾರಿಗಳು, ಜನಪ್ರತಿನಿಧಿಗಳು, ಸಂಘದ ಪದಾಧಿಕಾರಿಗಳು ಹಾಗೂ ಸಾರ्ವಜನಿಕರು ಭಾಗವಹಿಸಿದ್ದರು.

ತುಮಕೂರು, ಸೆ. 25 – ನಗರದ ಸ್ವಚ್ಛತೆ ಕಾಯ್ರಕ್ರಮದಲ್ಲಿ ಪಾಲ್ಗೊಂಡ ಅಧಿಕಾರಿಗಳು ಮಾತನಾಡಿ, ಪೌರ ಕಾರ್ಮಿಕರ ಸೇವೆಯು ಸಮಾಜಕ್ಕೆ ಅನಿವಾರ್ಯ ಎಂದು ಹೇಳಿದರು. ಸ್ವಚ್ಛತೆಯಿಂದ ಆರೋಗ್ಯ, ಆರೋಗ್ಯದಿಂದ ಸಮೃದ್ಧಿ ಎಂಬ ಮಾತು ಸದಾ ಸತ್ಯ. ನಗರದ ಪ್ರತಿಯೊಂದು ವಾರ್ಡನಲ್ಲಿಯೂ ಸ್ವಚ್ಛತಾ ಅಭಿಯಾನ ಹಮ್ಮಿಕೊಳ್ಳಲಾಗುವುದು, ಈ ಮೂಲಕ ನಗರವನ್ನು ಸುಂದರವಾಗಿಸಲು ಪ್ರತಿಯೊಬ್ಬ ನಾಗರಿಕರೂ ಕೈಜೋಡಿಸಬೇಕು ಎಂದು ಮನವಿ ಮಾಡಿದರು. ಕಾರ್ಯಕ್ರಮದಲ್ಲಿ ಹಿರಿಯ ಅಧಿಕಾರಿಗಳು, ಜನಪ್ರತಿನಿಧಿಗಳು, ಸಂಘದ ಪದಾಧಿಕಾರಿಗಳು ಹಾಗೂ ಸಾರ्ವಜನಿಕರು ಭಾಗವಹಿಸಿದ್ದರು.

www.ksbdb.karnataka.gov.in
<http://www.ksbdb.karnataka.gov.in>
8762249230

ತುಮಕೂರು, ಸೆ. 25 – ನಗರದ ಸ್ವಚ್ಛತೆ ಕಾಯ್ರಕ್ರಮದಲ್ಲಿ ಪಾಲ್ಗೊಂಡ ಅಧಿಕಾರಿಗಳು ಮಾತನಾಡಿ, ಪೌರ ಕಾರ್ಮಿಕರ ಸೇವೆಯು ಸಮಾಜಕ್ಕೆ ಅನಿವಾರ್ಯ ಎಂದು ಹೇಳಿದರು. ಸ್ವಚ್ಛತೆಯಿಂದ ಆರೋಗ್ಯ, ಆರೋಗ್ಯದಿಂದ ಸಮೃದ್ಧಿ ಎಂಬ ಮಾತು ಸದಾ ಸತ್ಯ. ನಗರದ ಪ್ರತಿಯೊಂದು ವಾರ್ಡನಲ್ಲಿಯೂ ಸ್ವಚ್ಛತಾ ಅಭಿಯಾನ ಹಮ್ಮಿಕೊಳ್ಳಲಾಗುವುದು, ಈ ಮೂಲಕ ನಗರವನ್ನು ಸುಂದರವಾಗಿಸಲು ಪ್ರತಿಯೊಬ್ಬ ನಾಗರಿಕರೂ ಕೈಜೋಡಿಸಬೇಕು ಎಂದು ಮನವಿ ಮಾಡಿದರು. ಕಾರ್ಯಕ್ರಮದಲ್ಲಿ ಹಿರಿಯ ಅಧಿಕಾರಿಗಳು, ಜನಪ್ರತಿನಿಧಿಗಳು, ಸಂಘದ ಪದಾಧಿಕಾರಿಗಳು ಹಾಗೂ ಸಾರ्ವಜನಿಕರು ಭಾಗವಹಿಸಿದ್ದರು.

ತುಮಕೂರು, ಸೆ. 25 – ನಗರದ ಸ್ವಚ್ಛತೆ ಕಾಯ್ರಕ್ರಮದಲ್ಲಿ ಪಾಲ್ಗೊಂಡ ಅಧಿಕಾರಿಗಳು ಮಾತನಾಡಿ, ಪೌರ ಕಾರ್ಮಿಕರ ಸೇವೆಯು ಸಮಾಜಕ್ಕೆ ಅನಿವಾರ್ಯ ಎಂದು ಹೇಳಿದರು. ಸ್ವಚ್ಛತೆಯಿಂದ ಆರೋಗ್ಯ, ಆರೋಗ್ಯದಿಂದ ಸಮೃದ್ಧಿ ಎಂಬ ಮಾತು ಸದಾ ಸತ್ಯ. ನಗರದ ಪ್ರತಿಯೊಂದು ವಾರ್ಡನಲ್ಲಿಯೂ ಸ್ವಚ್ಛತಾ ಅಭಿಯಾನ ಹಮ್ಮಿಕೊಳ್ಳಲಾಗುವುದು, ಈ ಮೂಲಕ ನಗರವನ್ನು ಸುಂದರವಾಗಿಸಲು ಪ್ರತಿಯೊಬ್ಬ ನಾಗರಿಕರೂ ಕೈಜೋಡಿಸಬೇಕು ಎಂದು ಮನವಿ ಮಾಡಿದರು. ಕಾರ್ಯಕ್ರಮದಲ್ಲಿ ಹಿರಿಯ ಅಧಿಕಾರಿಗಳು, ಜನಪ್ರತಿನಿಧಿಗಳು, ಸಂಘದ ಪದಾಧಿಕಾರಿಗಳು ಹಾಗೂ ಸಾರ्ವಜನಿಕರು ಭಾಗವಹಿಸಿದ್ದರು.

ತುಮಕೂರು, ಸೆ. 25 – ನಗರದ ಸ್ವಚ್ಛತೆ ಕಾಯ್ರಕ್ರಮದಲ್ಲಿ ಪಾಲ್ಗೊಂಡ ಅಧಿಕಾರಿಗಳು ಮಾತನಾಡಿ, ಪೌರ ಕಾರ್ಮಿಕರ ಸೇವೆಯು ಸಮಾಜಕ್ಕೆ ಅನಿವಾರ್ಯ ಎಂದು ಹೇಳಿದರು. ಸ್ವಚ್ಛತೆಯಿಂದ ಆರೋಗ್ಯ, ಆರೋಗ್ಯದಿಂದ ಸಮೃದ್ಧಿ ಎಂಬ ಮಾತು ಸದಾ ಸತ್ಯ. ನಗರದ ಪ್ರತಿಯೊಂದು ವಾರ್ಡನಲ್ಲಿಯೂ ಸ್ವಚ್ಛತಾ ಅಭಿಯಾನ ಹಮ್ಮಿಕೊಳ್ಳಲಾಗುವುದು, ಈ ಮೂಲಕ ನಗರವನ್ನು ಸುಂದರವಾಗಿಸಲು ಪ್ರತಿಯೊಬ್ಬ ನಾಗರಿಕರೂ ಕೈಜೋಡಿಸಬೇಕು ಎಂದು ಮನವಿ ಮಾಡಿದರು. ಕಾರ್ಯಕ್ರಮದಲ್ಲಿ ಹಿರಿಯ ಅಧಿಕಾರಿಗಳು, ಜನಪ್ರತಿನಿಧಿಗಳು, ಸಂಘದ ಪದಾಧಿಕಾರಿಗಳು ಹಾಗೂ ಸಾರ्ವಜನಿಕರು ಭಾಗವಹಿಸಿದ್ದರು.

ಟಿಎಪಿಎಂಎಸ್ ಚುನಾವಣೆ:
13 ಸ್ಥಾನದಲ್ಲಿ 8 ಅವಿರೋಧ ಆಯ್ಕೆ
ಸೆ. 28 ರಂದು 5 ಸ್ಥಾನಕ್ಕೆ ಚುನಾವಣೆ

ಗುಬ್ಬಿ, ಸೆ. 25– ತಾಲೂಕು ವ್ಯವಸಾಯಿಕ ಸಹಕಾರ ಸಂಘದ ಚುನಾವಣೆ.

ತುಮಕೂರು, ಸೆ. 25 – ನಗರದ ಸ್ವಚ್ಛತೆ ಕಾಯ್ರಕ್ರಮದಲ್ಲಿ ಪಾಲ್ಗೊಂಡ ಅಧಿಕಾರಿಗಳು ಮಾತನಾಡಿ, ಪೌರ ಕಾರ್ಮಿಕರ ಸೇವೆಯು ಸಮಾಜಕ್ಕೆ ಅನಿವಾರ್ಯ ಎಂದು ಹೇಳಿದರು. ಸ್ವಚ್ಛತೆಯಿಂದ ಆರೋಗ್ಯ, ಆರೋಗ್ಯದಿಂದ ಸಮೃದ್ಧಿ ಎಂಬ ಮಾತು ಸದಾ ಸತ್ಯ. ನಗರದ ಪ್ರತಿಯೊಂದು ವಾರ್ಡನಲ್ಲಿಯೂ ಸ್ವಚ್ಛತಾ ಅಭಿಯಾನ ಹಮ್ಮಿಕೊಳ್ಳಲಾಗುವುದು, ಈ ಮೂಲಕ ನಗರವನ್ನು ಸುಂದರವಾಗಿಸಲು ಪ್ರತಿಯೊಬ್ಬ ನಾಗರಿಕರೂ ಕೈಜೋಡಿಸಬೇಕು ಎಂದು ಮನವಿ ಮಾಡಿದರು. ಕಾರ್ಯಕ್ರಮದಲ್ಲಿ ಹಿರಿಯ ಅಧಿಕಾರಿಗಳು, ಜನಪ್ರತಿನಿಧಿಗಳು, ಸಂಘದ ಪದಾಧಿಕಾರಿಗಳು ಹಾಗೂ ಸಾರ्ವಜನಿಕರು ಭಾಗವಹಿಸಿದ್ದರು.

ತುಮಕೂರು, ಸೆ. 25 – ನಗರದ ಸ್ವಚ್ಛತೆ ಕಾಯ್ರಕ್ರಮದಲ್ಲಿ ಪಾಲ್ಗೊಂಡ ಅಧಿಕಾರಿಗಳು ಮಾತನಾಡಿ, ಪೌರ ಕಾರ್ಮಿಕರ ಸೇವೆಯು ಸಮಾಜಕ್ಕೆ ಅನಿವಾರ್ಯ ಎಂದು ಹೇಳಿದರು. ಸ್ವಚ್ಛತೆಯಿಂದ ಆರೋಗ್ಯ, ಆರೋಗ್ಯದಿಂದ ಸಮೃದ್ಧಿ ಎಂಬ ಮಾತು ಸದಾ ಸತ್ಯ. ನಗರದ ಪ್ರತಿಯೊಂದು ವಾರ್ಡನಲ್ಲಿಯೂ ಸ್ವಚ್ಛತಾ ಅಭಿಯಾನ ಹಮ್ಮಿಕೊಳ್ಳಲಾಗುವುದು, ಈ ಮೂಲಕ ನಗರವನ್ನು ಸುಂದರವಾಗಿಸಲು ಪ್ರತಿಯೊಬ್ಬ ನಾಗರಿಕರೂ ಕೈಜೋಡಿಸಬೇಕು ಎಂದು ಮನವಿ ಮಾಡಿದರು. ಕಾರ್ಯಕ್ರಮದಲ್ಲಿ ಹಿರಿಯ ಅಧಿಕಾರಿಗಳು, ಜನಪ್ರತಿನಿಧಿಗಳು, ಸಂಘದ ಪದಾಧಿಕಾರಿಗಳು ಹಾಗೂ ಸಾರ्ವಜನಿಕರು ಭಾಗವಹಿಸಿದ್ದರು.

ತುಮಕೂರು, ಸೆ. 25 – ನಗರದ ಸ್ವಚ್ಛತೆ ಕಾಯ್ರಕ್ರಮದಲ್ಲಿ ಪಾಲ್ಗೊಂಡ ಅಧಿಕಾರಿಗಳು ಮಾತನಾಡಿ, ಪೌರ ಕಾರ್ಮಿಕರ ಸೇವೆಯು ಸಮಾಜಕ್ಕೆ ಅನಿವಾರ್ಯ ಎಂದು ಹೇಳಿದರು. ಸ್ವಚ್ಛತೆಯಿಂದ ಆರೋಗ್ಯ, ಆರೋಗ್ಯದಿಂದ ಸಮೃದ್ಧಿ ಎಂಬ ಮಾತು ಸದಾ ಸತ್ಯ. ನಗರದ ಪ್ರತಿಯೊಂದು ವಾರ್ಡನಲ್ಲಿಯೂ ಸ್ವಚ್ಛತಾ ಅಭಿಯಾನ ಹಮ್ಮಿಕೊಳ್ಳಲಾಗುವುದು, ಈ ಮೂಲಕ ನಗರವನ್ನು ಸುಂದರವಾಗಿಸಲು ಪ್ರತಿಯೊಬ್ಬ ನಾಗರಿಕರೂ ಕೈಜೋಡಿಸಬೇಕು ಎಂದು ಮನವಿ ಮಾಡಿದರು. ಕಾರ್ಯಕ್ರಮದಲ್ಲಿ ಹಿರಿಯ ಅಧಿಕಾರಿಗಳು, ಜನಪ್ರತಿನಿಧಿಗಳು, ಸಂಘದ ಪದಾಧಿಕಾರಿಗಳು ಹಾಗೂ ಸಾರ्ವಜನಿಕರು ಭಾಗವಹಿಸಿದ್ದರು.

ತುಮಕೂರು, ಸೆ. 25 – ನಗರದ ಸ್ವಚ್ಛತೆ ಕಾಯ್ರಕ್ರಮದಲ್ಲಿ ಪಾಲ್ಗೊಂಡ ಅಧಿಕಾರಿಗಳು ಮಾತನಾಡಿ, ಪೌರ ಕಾರ್ಮಿಕರ ಸೇವೆಯು ಸಮಾಜಕ್ಕೆ ಅನಿವಾರ್ಯ ಎಂದು ಹೇಳಿದರು. ಸ್ವಚ್ಛತೆಯಿಂದ ಆರೋಗ್ಯ, ಆರೋಗ್ಯದಿಂದ ಸಮೃದ್ಧಿ ಎಂಬ ಮಾತು ಸದಾ ಸತ್ಯ. ನಗರದ ಪ್ರತಿಯೊಂದು ವಾರ್ಡನಲ್ಲಿಯೂ ಸ್ವಚ್ಛತಾ ಅಭಿಯಾನ ಹಮ್ಮಿಕೊಳ್ಳಲಾಗುವುದು, ಈ ಮೂಲಕ ನಗರವನ್ನು ಸುಂದರವಾಗಿಸಲು ಪ್ರತಿಯೊಬ್ಬ ನಾಗರಿಕರೂ ಕೈಜೋಡಿಸಬೇಕು ಎಂದು ಮನವಿ ಮಾಡಿದರು. ಕಾರ್ಯಕ್ರಮದಲ್ಲಿ ಹಿರಿಯ ಅಧಿಕಾರಿಗಳು, ಜನಪ್ರತಿನಿಧಿಗಳು, ಸಂಘದ ಪದಾಧಿಕಾರಿಗಳು ಹಾಗೂ ಸಾರ्ವಜನಿಕರು ಭಾಗವಹಿಸಿದ್ದರು.

ಕನ್ನಡದ ಪ್ರಜ್ನೆ ವಿಸ್ತರಿಸುವ ಕೆಲಸವಾಗಲಿ: ಬರಗೂರು
ತುಮಕೂರು, ಸೆ. 25– ಸಾಹಿತ್ಯ ಸಮ್ಮೇಳನ.
ತುಮಕೂರು, ಸೆ. 25 – ನಗರದ ಸ್ವಚ್ಛತೆ ಕಾಯ್ರಕ್ರಮದಲ್ಲಿ ಪಾಲ್ಗೊಂಡ ಅಧಿಕಾರಿಗಳು ಮಾತನಾಡಿ, ಪೌರ ಕಾರ್ಮಿಕರ ಸೇವೆಯು ಸಮಾಜಕ್ಕೆ ಅನಿವಾರ್ಯ ಎಂದು ಹೇಳಿದರು. ಸ್ವಚ್ಛತೆಯಿಂದ ಆರೋಗ್ಯ, ಆರೋಗ್ಯದಿಂದ ಸಮೃದ್ಧಿ ಎಂಬ ಮಾತು ಸದಾ ಸತ್ಯ. ನಗರದ ಪ್ರತಿಯೊಂದು ವಾರ್ಡನಲ್ಲಿಯೂ ಸ್ವಚ್ಛತಾ ಅಭಿಯಾನ ಹಮ್ಮಿಕೊಳ್ಳಲಾಗುವುದು, ಈ ಮೂಲಕ ನಗರವನ್ನು ಸುಂದರವಾಗಿಸಲು ಪ್ರತಿಯೊಬ್ಬ ನಾಗರಿಕರೂ ಕೈಜೋಡಿಸಬೇಕು ಎಂದು ಮನವಿ ಮಾಡಿದರು. ಕಾರ್ಯಕ್ರಮದಲ್ಲಿ ಹಿರಿಯ ಅಧಿಕಾರಿಗಳು, ಜನಪ್ರತಿನಿಧಿಗಳು, ಸಂಘದ ಪದಾಧಿಕಾರಿಗಳು ಹಾಗೂ ಸಾರ्ವಜನಿಕರು ಭಾಗವಹಿಸಿದ್ದರು.

ತುಮಕೂರು, ಸೆ. 25 – ನಗರದ ಸ್ವಚ್ಛತೆ ಕಾಯ್ರಕ್ರಮದಲ್ಲಿ ಪಾಲ್ಗೊಂಡ ಅಧಿಕಾರಿಗಳು ಮಾತನಾಡಿ, ಪೌರ ಕಾರ್ಮಿಕರ ಸೇವೆಯು ಸಮಾಜಕ್ಕೆ ಅನಿವಾರ್ಯ ಎಂದು ಹೇಳಿದರು. ಸ್ವಚ್ಛತೆಯಿಂದ ಆರೋಗ್ಯ, ಆರೋಗ್ಯದಿಂದ ಸಮೃದ್ಧಿ ಎಂಬ ಮಾತು ಸದಾ ಸತ್ಯ. ನಗರದ ಪ್ರತಿಯೊಂದು ವಾರ್ಡನಲ್ಲಿಯೂ ಸ್ವಚ್ಛತಾ ಅಭಿಯಾನ ಹಮ್ಮಿಕೊಳ್ಳಲಾಗುವುದು, ಈ ಮೂಲಕ ನಗರವನ್ನು ಸುಂದರವಾಗಿಸಲು ಪ್ರತಿಯೊಬ್ಬ ನಾಗರಿಕರೂ ಕೈಜೋಡಿಸಬೇಕು ಎಂದು ಮನವಿ ಮಾಡಿದರು. ಕಾರ್ಯಕ್ರಮದಲ್ಲಿ ಹಿರಿಯ ಅಧಿಕಾರಿಗಳು, ಜನಪ್ರತಿನಿಧಿಗಳು, ಸಂಘದ ಪದಾಧಿಕಾರಿಗಳು ಹಾಗೂ ಸಾರ्ವಜನಿಕರು ಭಾಗವಹಿಸಿದ್ದರು.

ತುಮಕೂರು, ಸೆ. 25 – ನಗರದ ಸ್ವಚ್ಛತೆ ಕಾಯ್ರಕ್ರಮದಲ್ಲಿ ಪಾಲ್ಗೊಂಡ ಅಧಿಕಾರಿಗಳು ಮಾತನಾಡಿ, ಪೌರ ಕಾರ್ಮಿಕರ ಸೇವೆಯು ಸಮಾಜಕ್ಕೆ ಅನಿವಾರ್ಯ ಎಂದು ಹೇಳಿದರು. ಸ್ವಚ್ಛತೆಯಿಂದ ಆರೋಗ್ಯ, ಆರೋಗ್ಯದಿಂದ ಸಮೃದ್ಧಿ ಎಂಬ ಮಾತು ಸದಾ ಸತ್ಯ. ನಗರದ ಪ್ರತಿಯೊಂದು ವಾರ್ಡನಲ್ಲಿಯೂ ಸ್ವಚ್ಛತಾ ಅಭಿಯಾನ ಹಮ್ಮಿಕೊಳ್ಳಲಾಗುವುದು, ಈ ಮೂಲಕ ನಗರವನ್ನು ಸುಂದರವಾಗಿಸಲು ಪ್ರತಿಯೊಬ್ಬ ನಾಗರಿಕರೂ ಕೈಜೋಡಿಸಬೇಕು ಎಂದು ಮನವಿ ಮಾಡಿದರು. ಕಾರ್ಯಕ್ರಮದಲ್ಲಿ ಹಿರಿಯ ಅಧಿಕಾರಿಗಳು, ಜನಪ್ರತಿನಿಧಿಗಳು, ಸಂಘದ ಪದಾಧಿಕಾರಿಗಳು ಹಾಗೂ ಸಾರ्ವಜನಿಕರು ಭಾಗವಹಿಸಿದ್ದರು.

ತುಮಕೂರು, ಸೆ. 25 – ನಗರದ ಸ್ವಚ್ಛತೆ ಕಾಯ್ರಕ್ರಮದಲ್ಲಿ ಪಾಲ್ಗೊಂಡ ಅಧಿಕಾರಿಗಳು ಮಾತನಾಡಿ, ಪೌರ ಕಾರ್ಮಿಕರ ಸೇವೆಯು ಸಮಾಜಕ್ಕೆ ಅನಿವಾರ್ಯ ಎಂದು ಹೇಳಿದರು. ಸ್ವಚ್ಛತೆಯಿಂದ ಆರೋಗ್ಯ, ಆರೋಗ್ಯದಿಂದ ಸಮೃದ್ಧಿ ಎಂಬ ಮಾತು ಸದಾ ಸತ್ಯ. ನಗರದ ಪ್ರತಿಯೊಂದು ವಾರ್ಡನಲ್ಲಿಯೂ ಸ್ವಚ್ಛತಾ ಅಭಿಯಾನ ಹಮ್ಮಿಕೊಳ್ಳಲಾಗುವುದು, ಈ ಮೂಲಕ ನಗರವನ್ನು ಸುಂದರವಾಗಿಸಲು ಪ್ರತಿಯೊಬ್ಬ ನಾಗರಿಕರೂ ಕೈಜೋಡಿಸಬೇಕು ಎಂದು ಮನವಿ ಮಾಡಿದರು. ಕಾರ್ಯಕ್ರಮದಲ್ಲಿ ಹಿರಿಯ ಅಧಿಕಾರಿಗಳು, ಜನಪ್ರತಿನಿಧಿಗಳು, ಸಂಘದ ಪದಾಧಿಕಾರಿಗಳು ಹಾಗೂ ಸಾರ्ವಜನಿಕರು ಭಾಗವಹಿಸಿದ್ದರು.

ತುಮಕೂರು, ಸೆ. 25 – ನಗರದ ಸ್ವಚ್ಛತೆ ಕಾಯ್ರಕ್ರಮದಲ್ಲಿ ಪಾಲ್ಗೊಂಡ ಅಧಿಕಾರಿಗಳು ಮಾತನಾಡಿ, ಪೌರ ಕಾರ್ಮಿಕರ ಸೇವೆಯು ಸಮಾಜಕ್ಕೆ ಅನಿವಾರ್ಯ ಎಂದು ಹೇಳಿದರು. ಸ್ವಚ್ಛತೆಯಿಂದ ಆರೋಗ್ಯ, ಆರೋಗ್ಯದಿಂದ ಸಮೃದ್ಧಿ ಎಂಬ ಮಾತು ಸದಾ ಸತ್ಯ. ನಗರದ ಪ್ರತಿಯೊಂದು ವಾರ್ಡನಲ್ಲಿಯೂ ಸ್ವಚ್ಛತಾ ಅಭಿಯಾನ ಹಮ್ಮಿಕೊಳ್ಳಲಾಗುವುದು, ಈ ಮೂಲಕ ನಗರವನ್ನು ಸುಂದರವಾಗಿಸಲು ಪ್ರತಿಯೊಬ್ಬ ನಾಗರಿಕರೂ ಕೈಜೋಡಿಸಬೇಕು ಎಂದು ಮನವಿ ಮಾಡಿದರು. ಕಾರ್ಯಕ್ರಮದಲ್ಲಿ ಹಿರಿಯ ಅಧಿಕಾರಿಗಳು, ಜನಪ್ರತಿನಿಧಿಗಳು, ಸಂಘದ ಪದಾಧಿಕಾರಿಗಳು ಹಾಗೂ ಸಾರ्ವಜನಿಕರು ಭಾಗವಹಿಸಿದ್ದರು.

ತುಮಕೂರು, ಸೆ. 25 – ನಗರದ ಸ್ವಚ್ಛತೆ ಕಾಯ್ರಕ್ರಮದಲ್ಲಿ ಪಾಲ್ಗೊಂಡ ಅಧಿಕಾರಿಗಳು ಮಾತನಾಡಿ, ಪೌರ ಕಾರ್ಮಿಕರ ಸೇವೆಯು ಸಮಾಜಕ್ಕೆ ಅನಿವಾರ್ಯ ಎಂದು ಹೇಳಿದರು. ಸ್ವಚ್ಛತೆಯಿಂದ ಆರೋಗ್ಯ, ಆರೋಗ್ಯದಿಂದ ಸಮೃದ್ಧಿ ಎಂಬ ಮಾತು ಸದಾ ಸತ್ಯ. ನಗರದ ಪ್ರತಿಯೊಂದು ವಾರ್ಡನಲ್ಲಿಯೂ ಸ್ವಚ್ಛತಾ ಅಭಿಯಾನ ಹಮ್ಮಿಕೊಳ್ಳಲಾಗುವುದು, ಈ ಮೂಲಕ ನಗರವನ್ನು ಸುಂದರವಾಗಿಸಲು ಪ್ರತಿಯೊಬ್ಬ ನಾಗರಿಕರೂ ಕೈಜೋಡಿಸಬೇಕು ಎಂದು ಮನವಿ ಮಾಡಿದರು. ಕಾರ್ಯಕ್ರಮದಲ್ಲಿ ಹಿರಿಯ ಅಧಿಕಾರಿಗಳು, ಜನಪ್ರತಿನಿಧಿಗಳು, ಸಂಘದ ಪದಾಧಿಕಾರಿಗಳು ಹಾಗೂ ಸಾರ्ವಜನಿಕರು ಭಾಗವಹಿಸಿದ್ದರು.

ತುಮಕೂರು, ಸೆ. 25 – ನಗರದ ಸ್ವಚ್ಛತೆ ಕಾಯ್ರಕ್ರಮದಲ್ಲಿ ಪಾಲ್ಗೊಂಡ ಅಧಿಕಾರಿಗಳು ಮಾತನಾಡಿ, ಪೌರ ಕಾರ್ಮಿಕರ ಸೇವೆಯು ಸಮಾಜಕ್ಕೆ ಅನಿವಾರ್ಯ ಎಂದು ಹೇಳಿದರು. ಸ್ವಚ್ಛತೆಯಿಂದ ಆರೋಗ್ಯ, ಆರೋಗ್ಯದಿಂದ ಸಮೃದ್ಧಿ ಎಂಬ ಮಾತು ಸದಾ ಸತ್ಯ. ನಗರದ ಪ್ರತಿಯೊಂದು ವಾರ್ಡನಲ್ಲಿಯೂ ಸ್ವಚ್ಛತಾ ಅಭಿಯಾನ ಹಮ್ಮಿಕೊಳ್ಳಲಾಗುವುದು, ಈ ಮೂಲಕ ನಗರವನ್ನು ಸುಂದರವಾಗಿಸಲು ಪ್ರತಿಯೊಬ್ಬ ನಾಗರಿಕರೂ ಕೈಜೋಡಿಸಬೇಕು ಎಂದು ಮನವಿ ಮಾಡಿದರು. ಕಾರ್ಯಕ್ರಮದಲ್ಲಿ ಹಿರಿಯ ಅಧಿಕಾರಿಗಳು, ಜನಪ್ರತಿನಿಧಿಗಳು, ಸಂಘದ ಪದಾಧಿಕಾರಿಗಳು ಹಾಗೂ ಸಾರ्ವಜನಿಕರು ಭಾಗವಹಿಸಿದ್ದರು.

ತುಮಕೂರು, ಸೆ. 25 – ನಗರದ ಸ್ವಚ್ಛತೆ ಕಾಯ್ರಕ್ರಮದಲ್ಲಿ ಪಾಲ್ಗೊಂಡ ಅಧಿಕಾರಿಗಳು ಮಾತನಾಡಿ, ಪೌರ ಕಾರ್ಮಿಕರ ಸೇವೆಯು ಸಮಾಜಕ್ಕೆ ಅನಿವಾರ್ಯ ಎಂದು ಹೇಳಿದರು. ಸ್ವಚ್ಛತೆಯಿಂದ ಆರೋಗ್ಯ, ಆರೋಗ್ಯದಿಂದ ಸಮೃದ್ಧಿ ಎಂಬ ಮಾತು ಸದಾ ಸತ್ಯ. ನಗರದ ಪ್ರತಿಯೊಂದು ವಾರ್ಡನಲ್ಲಿಯೂ ಸ್ವಚ್ಛತಾ ಅಭಿಯಾನ ಹಮ್ಮಿಕೊಳ್ಳಲಾಗುವುದು, ಈ ಮೂಲಕ ನಗರವನ್ನು ಸುಂದರವಾಗಿಸಲು ಪ್ರತಿಯೊಬ್ಬ ನಾಗರಿಕರೂ ಕೈಜೋಡಿಸಬೇಕು ಎಂದು ಮನವಿ ಮಾಡಿದರು. ಕಾರ್ಯಕ್ರಮದಲ್ಲಿ ಹಿರಿಯ ಅಧಿಕಾರಿಗಳು, ಜನಪ್ರತಿನಿಧಿಗಳು, ಸಂಘದ ಪದಾಧಿಕಾರಿಗಳು ಹಾಗೂ ಸಾರ्ವಜನಿಕರು ಭಾಗವಹಿಸಿದ್ದರು.

ತುಮಕೂರು, ಸೆ. 25 – ನಗರದ ಸ್ವಚ್ಛತೆ ಕಾಯ್ರಕ್ರಮದಲ್ಲಿ ಪಾಲ್ಗೊಂಡ ಅಧಿಕಾರಿಗಳು ಮಾತನಾಡಿ, ಪೌರ ಕಾರ್ಮಿಕರ ಸೇವೆಯು ಸಮಾಜಕ್ಕೆ ಅನಿವಾರ್ಯ ಎಂದು ಹೇಳಿದರು. ಸ್ವಚ್ಛತೆಯಿಂದ ಆರೋಗ್ಯ, ಆರೋಗ್ಯದಿಂದ ಸಮೃದ್ಧಿ ಎಂಬ ಮಾತು ಸದಾ ಸತ್ಯ. ನಗರದ ಪ್ರತಿಯೊಂದು ವಾರ್ಡನಲ್ಲಿಯೂ ಸ್ವಚ್ಛತಾ ಅಭಿಯಾನ ಹಮ್ಮಿಕೊಳ್ಳಲಾಗುವುದು, ಈ ಮೂಲಕ ನಗರವನ್ನು ಸುಂದರವಾಗಿಸಲು ಪ್ರತಿಯೊಬ್ಬ ನಾಗರಿಕರೂ ಕೈಜೋಡಿಸಬೇಕು ಎಂದು ಮನವಿ ಮಾಡಿದರು. ಕಾರ್ಯಕ್ರಮದಲ್ಲಿ ಹಿರಿಯ ಅಧಿಕಾರಿಗಳು, ಜನಪ್ರತಿನಿಧಿಗಳು, ಸಂಘದ ಪದಾಧಿಕಾರಿಗಳು ಹಾಗೂ ಸಾರ्ವಜನಿಕರು ಭಾಗವಹಿಸಿದ್ದರು.

ತುಮಕೂರು, ಸೆ. 25 – ನಗರದ ಸ್ವಚ್ಛತೆ ಕಾಯ್ರಕ್ರಮದಲ್ಲಿ ಪಾಲ್ಗೊಂಡ ಅಧಿಕಾರಿಗಳು ಮಾತನಾಡಿ, ಪೌರ ಕಾರ್ಮಿಕರ ಸೇವೆಯು ಸಮಾಜಕ್ಕೆ ಅನಿವಾರ್ಯ ಎಂದು ಹೇಳಿದರು. ಸ್ವಚ್ಛತೆಯಿಂದ ಆರೋಗ್ಯ, ಆರೋಗ್ಯದಿಂದ ಸಮೃದ್ಧಿ ಎಂಬ ಮಾತು ಸದಾ ಸತ್ಯ. ನಗರದ ಪ್ರತಿಯೊಂದು ವಾರ್ಡನಲ್ಲಿಯೂ ಸ್ವಚ್ಛತಾ ಅಭಿಯಾನ ಹಮ್ಮಿಕೊಳ್ಳಲಾಗುವುದು, ಈ ಮೂಲಕ ನಗರವನ್ನು ಸುಂದರವಾಗಿಸಲು ಪ್ರತಿಯೊಬ್ಬ ನಾಗರಿಕರೂ ಕೈಜೋಡಿಸಬೇಕು ಎಂದು ಮನವಿ ಮಾಡಿದರು. ಕಾರ್ಯಕ್ರಮದಲ್ಲಿ ಹಿರಿಯ ಅಧಿಕಾರಿಗಳು, ಜನಪ್ರತಿನಿಧಿಗಳು, ಸಂಘದ ಪದಾಧಿಕಾರಿಗಳು ಹಾಗೂ ಸಾರ्ವಜನಿಕರು ಭಾಗವಹಿಸಿದ್ದರು.
